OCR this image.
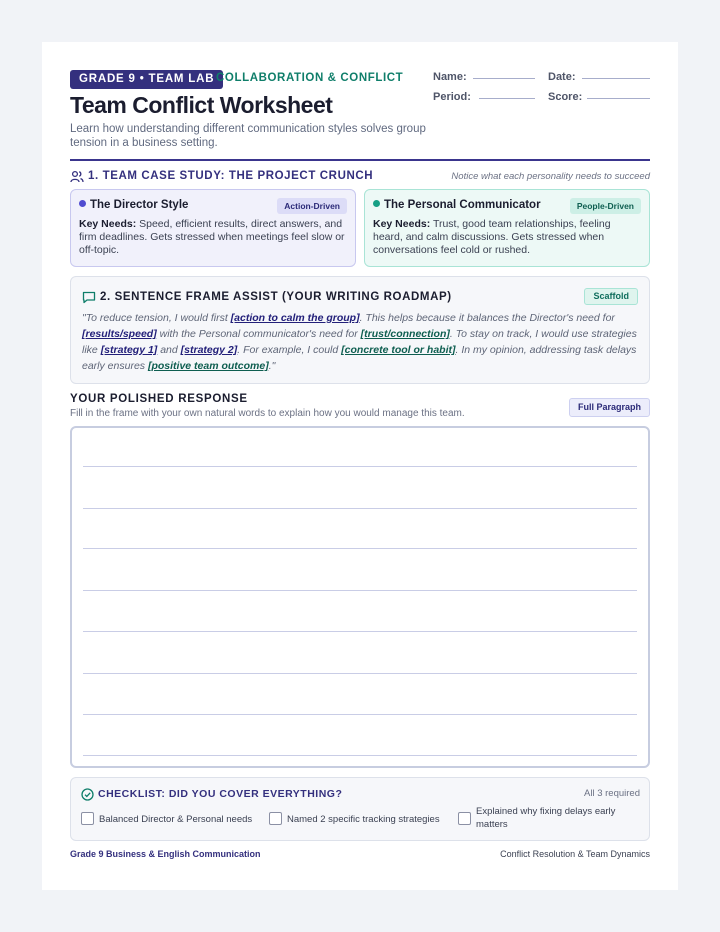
GRADE 9 • TEAM LAB COLLABORATION & CONFLICT
Team Conflict Worksheet
Learn how understanding different communication styles solves group tension in a business setting.
Name:	Date:
Period:	Score:
1. TEAM CASE STUDY: THE PROJECT CRUNCH	Notice what each personality needs to succeed
The Director Style	Action-Driven
Key Needs: Speed, efficient results, direct answers, and firm deadlines. Gets stressed when meetings feel slow or off-topic.
The Personal Communicator	People-Driven
Key Needs: Trust, good team relationships, feeling heard, and calm discussions. Gets stressed when conversations feel cold or rushed.
2. SENTENCE FRAME ASSIST (YOUR WRITING ROADMAP)	Scaffold
"To reduce tension, I would first [action to calm the group]. This helps because it balances the Director's need for [results/speed] with the Personal communicator's need for [trust/connection]. To stay on track, I would use strategies like [strategy 1] and [strategy 2]. For example, I could [concrete tool or habit]. In my opinion, addressing task delays early ensures [positive team outcome]."
YOUR POLISHED RESPONSE
Fill in the frame with your own natural words to explain how you would manage this team.
Full Paragraph
CHECKLIST: DID YOU COVER EVERYTHING?	All 3 required
Balanced Director & Personal needs	Named 2 specific tracking strategies
Explained why fixing delays early matters
Grade 9 Business & English Communication	Conflict Resolution & Team Dynamics
